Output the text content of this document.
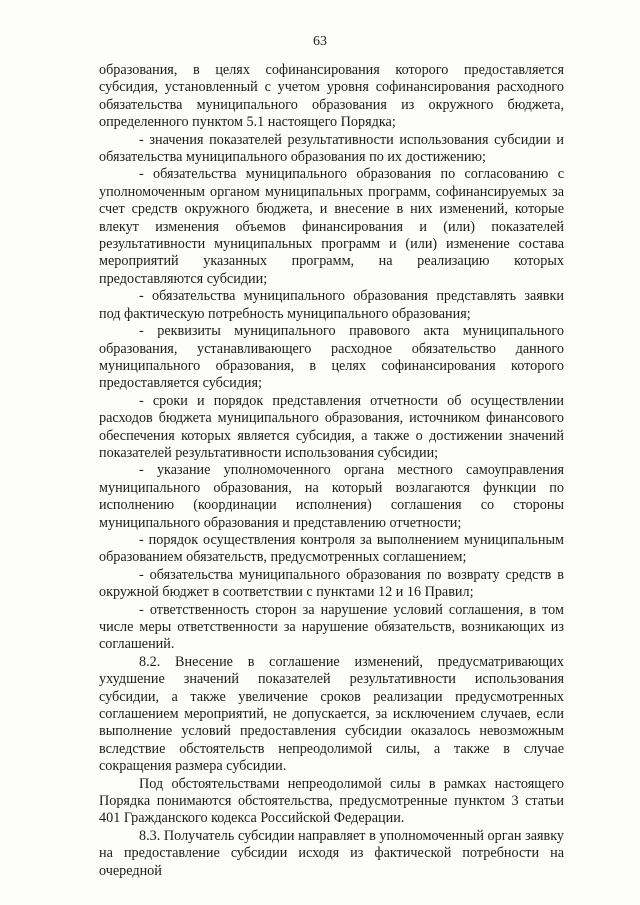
63

образования, в целях софинансирования которого предоставляется субсидия, установленный с учетом уровня софинансирования расходного обязательства муниципального образования из окружного бюджета, определенного пунктом 5.1 настоящего Порядка;

- значения показателей результативности использования субсидии и обязательства муниципального образования по их достижению;

- обязательства муниципального образования по согласованию с уполномоченным органом муниципальных программ, софинансируемых за счет средств окружного бюджета, и внесение в них изменений, которые влекут изменения объемов финансирования и (или) показателей результативности муниципальных программ и (или) изменение состава мероприятий указанных программ, на реализацию которых предоставляются субсидии;

- обязательства муниципального образования представлять заявки под фактическую потребность муниципального образования;

- реквизиты муниципального правового акта муниципального образования, устанавливающего расходное обязательство данного муниципального образования, в целях софинансирования которого предоставляется субсидия;

- сроки и порядок представления отчетности об осуществлении расходов бюджета муниципального образования, источником финансового обеспечения которых является субсидия, а также о достижении значений показателей результативности использования субсидии;

- указание уполномоченного органа местного самоуправления муниципального образования, на который возлагаются функции по исполнению (координации исполнения) соглашения со стороны муниципального образования и представлению отчетности;

- порядок осуществления контроля за выполнением муниципальным образованием обязательств, предусмотренных соглашением;

- обязательства муниципального образования по возврату средств в окружной бюджет в соответствии с пунктами 12 и 16 Правил;

- ответственность сторон за нарушение условий соглашения, в том числе меры ответственности за нарушение обязательств, возникающих из соглашений.

8.2. Внесение в соглашение изменений, предусматривающих ухудшение значений показателей результативности использования субсидии, а также увеличение сроков реализации предусмотренных соглашением мероприятий, не допускается, за исключением случаев, если выполнение условий предоставления субсидии оказалось невозможным вследствие обстоятельств непреодолимой силы, а также в случае сокращения размера субсидии.

Под обстоятельствами непреодолимой силы в рамках настоящего Порядка понимаются обстоятельства, предусмотренные пунктом 3 статьи 401 Гражданского кодекса Российской Федерации.

8.3. Получатель субсидии направляет в уполномоченный орган заявку на предоставление субсидии исходя из фактической потребности на очередной
